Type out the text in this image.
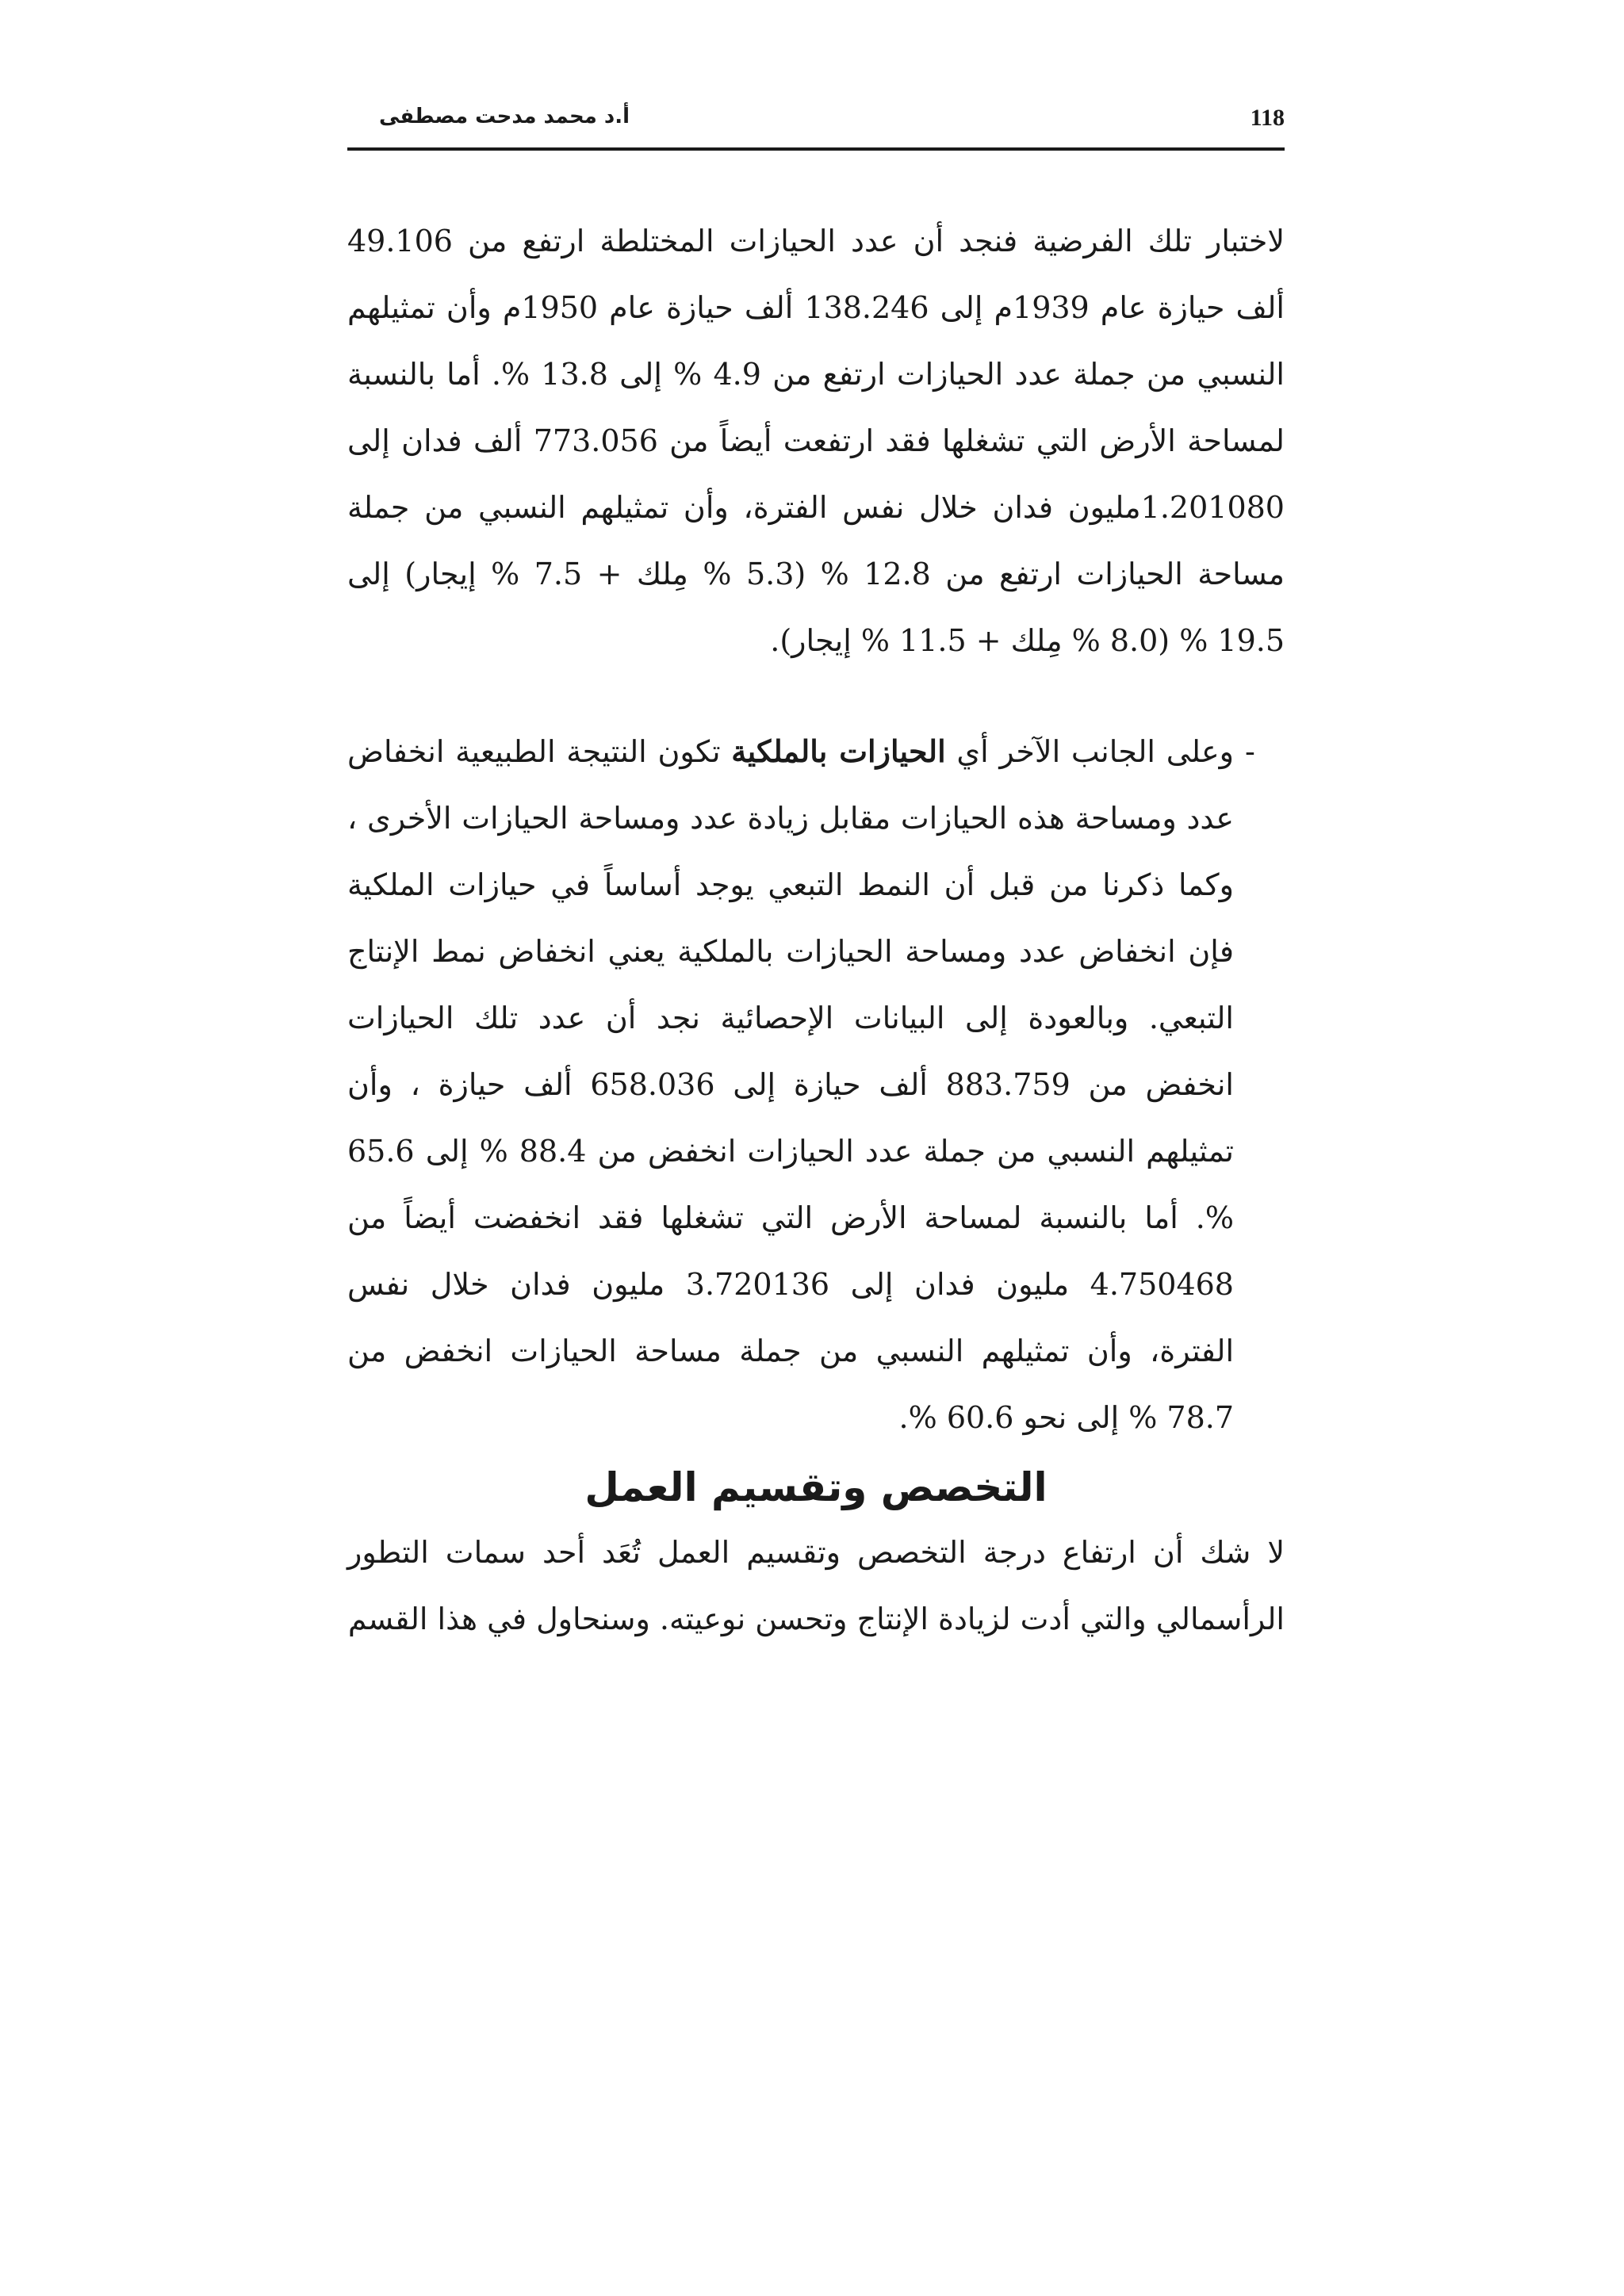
118
أ.د محمد مدحت مصطفى

لاختبار تلك الفرضية فنجد أن عدد الحيازات المختلطة ارتفع من 49.106 ألف حيازة عام 1939م إلى 138.246 ألف حيازة عام 1950م وأن تمثيلهم النسبي من جملة عدد الحيازات ارتفع من 4.9 % إلى 13.8 %. أما بالنسبة لمساحة الأرض التي تشغلها فقد ارتفعت أيضاً من 773.056 ألف فدان إلى 1.201080مليون فدان خلال نفس الفترة، وأن تمثيلهم النسبي من جملة مساحة الحيازات ارتفع من 12.8 % (5.3 % مِلك + 7.5 % إيجار) إلى 19.5 % (8.0 % مِلك + 11.5 % إيجار).

-

وعلى الجانب الآخر أي الحيازات بالملكية تكون النتيجة الطبيعية انخفاض عدد ومساحة هذه الحيازات مقابل زيادة عدد ومساحة الحيازات الأخرى ، وكما ذكرنا من قبل أن النمط التبعي يوجد أساساً في حيازات الملكية فإن انخفاض عدد ومساحة الحيازات بالملكية يعني انخفاض نمط الإنتاج التبعي. وبالعودة إلى البيانات الإحصائية نجد أن عدد تلك الحيازات انخفض من 883.759 ألف حيازة إلى 658.036 ألف حيازة ، وأن تمثيلهم النسبي من جملة عدد الحيازات انخفض من 88.4 % إلى 65.6 %. أما بالنسبة لمساحة الأرض التي تشغلها فقد انخفضت أيضاً من 4.750468 مليون فدان إلى 3.720136 مليون فدان خلال نفس الفترة، وأن تمثيلهم النسبي من جملة مساحة الحيازات انخفض من 78.7 % إلى نحو 60.6 %.

التخصص وتقسيم العمل

لا شك أن ارتفاع درجة التخصص وتقسيم العمل تُعَد أحد سمات التطور الرأسمالي والتي أدت لزيادة الإنتاج وتحسن نوعيته. وسنحاول في هذا القسم
